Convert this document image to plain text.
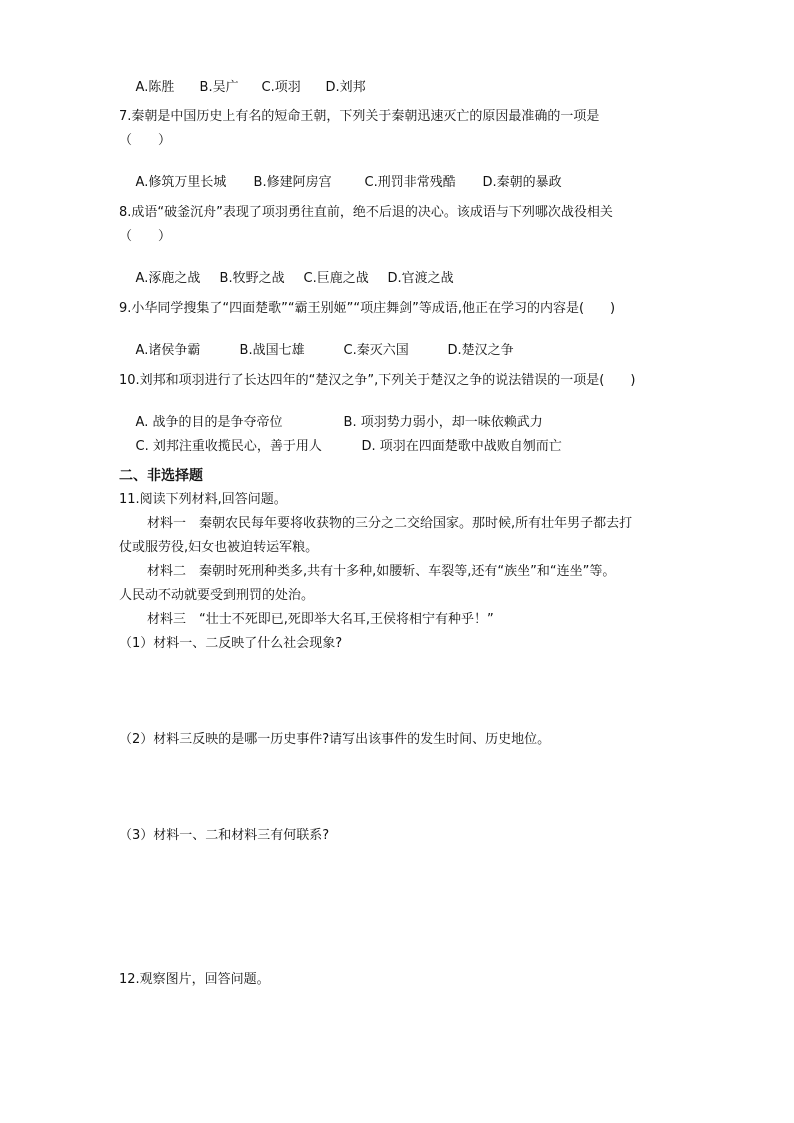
A.陈胜 B.吴广 C.项羽 D.刘邦

7.秦朝是中国历史上有名的短命王朝，下列关于秦朝迅速灭亡的原因最准确的一项是
（　　）

A.修筑万里长城 B.修建阿房宫	C.刑罚非常残酷 D.秦朝的暴政

8.成语“破釜沉舟”表现了项羽勇往直前，绝不后退的决心。该成语与下列哪次战役相关
（　　）

A.涿鹿之战 B.牧野之战 C.巨鹿之战 D.官渡之战

9.小华同学搜集了“四面楚歌”“霸王别姬”“项庄舞剑”等成语,他正在学习的内容是(　　)

A.诸侯争霸	B.战国七雄	C.秦灭六国	D.楚汉之争

10.刘邦和项羽进行了长达四年的“楚汉之争”,下列关于楚汉之争的说法错误的一项是(　　)

A. 战争的目的是争夺帝位	B. 项羽势力弱小，却一味依赖武力

C. 刘邦注重收揽民心，善于用人	D. 项羽在四面楚歌中战败自刎而亡

二、非选择题
11.阅读下列材料,回答问题。
材料一　秦朝农民每年要将收获物的三分之二交给国家。那时候,所有壮年男子都去打
仗或服劳役,妇女也被迫转运军粮。
材料二　秦朝时死刑种类多,共有十多种,如腰斩、车裂等,还有“族坐”和“连坐”等。
人民动不动就要受到刑罚的处治。
材料三　“壮士不死即已,死即举大名耳,王侯将相宁有种乎！”
（1）材料一、二反映了什么社会现象?
（2）材料三反映的是哪一历史事件?请写出该事件的发生时间、历史地位。
（3）材料一、二和材料三有何联系?
12.观察图片，回答问题。
